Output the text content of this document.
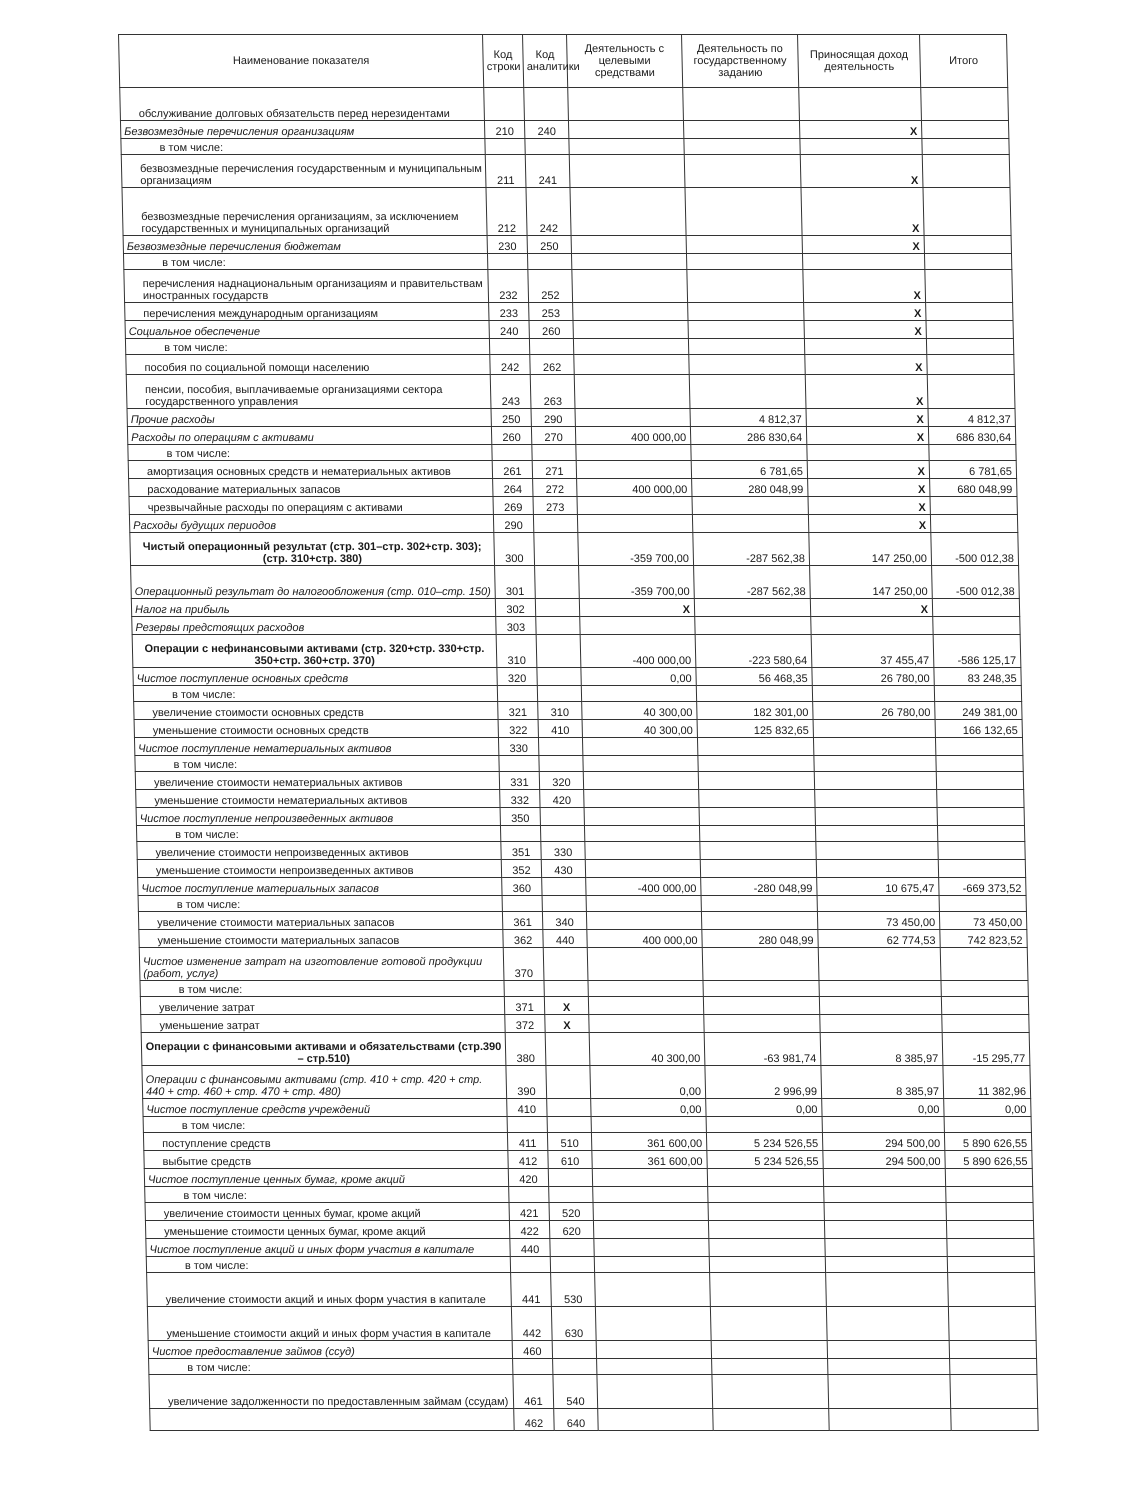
Наименование показателя	Код строки	Код аналитики	Деятельность с целевыми средствами	Деятельность по государственному заданию	Приносящая доход деятельность	Итого
обслуживание долговых обязательств перед нерезидентами						
Безвозмездные перечисления организациям	210	240			X	
в том числе:						
безвозмездные перечисления государственным и муниципальным организациям	211	241			X	
безвозмездные перечисления организациям, за исключением государственных и муниципальных организаций	212	242			X	
Безвозмездные перечисления бюджетам	230	250			X	
в том числе:						
перечисления наднациональным организациям и правительствам иностранных государств	232	252			X	
перечисления международным организациям	233	253			X	
Социальное обеспечение	240	260			X	
в том числе:						
пособия по социальной помощи населению	242	262			X	
пенсии, пособия, выплачиваемые организациями сектора государственного управления	243	263			X	
Прочие расходы	250	290		4 812,37	X	4 812,37
Расходы по операциям с активами	260	270	400 000,00	286 830,64	X	686 830,64
в том числе:						
амортизация основных средств и нематериальных активов	261	271		6 781,65	X	6 781,65
расходование материальных запасов	264	272	400 000,00	280 048,99	X	680 048,99
чрезвычайные расходы по операциям с активами	269	273			X	
Расходы будущих периодов	290				X	
Чистый операционный результат (стр. 301–стр. 302+стр. 303); (стр. 310+стр. 380)	300		-359 700,00	-287 562,38	147 250,00	-500 012,38
Операционный результат до налогообложения (стр. 010–стр. 150)	301		-359 700,00	-287 562,38	147 250,00	-500 012,38
Налог на прибыль	302		X		X	
Резервы предстоящих расходов	303					
Операции с нефинансовыми активами (стр. 320+стр. 330+стр. 350+стр. 360+стр. 370)	310		-400 000,00	-223 580,64	37 455,47	-586 125,17
Чистое поступление основных средств	320		0,00	56 468,35	26 780,00	83 248,35
в том числе:						
увеличение стоимости основных средств	321	310	40 300,00	182 301,00	26 780,00	249 381,00
уменьшение стоимости основных средств	322	410	40 300,00	125 832,65		166 132,65
Чистое поступление нематериальных активов	330					
в том числе:						
увеличение стоимости нематериальных активов	331	320				
уменьшение стоимости нематериальных активов	332	420				
Чистое поступление непроизведенных активов	350					
в том числе:						
увеличение стоимости непроизведенных активов	351	330				
уменьшение стоимости непроизведенных активов	352	430				
Чистое поступление материальных запасов	360		-400 000,00	-280 048,99	10 675,47	-669 373,52
в том числе:						
увеличение стоимости материальных запасов	361	340			73 450,00	73 450,00
уменьшение стоимости материальных запасов	362	440	400 000,00	280 048,99	62 774,53	742 823,52
Чистое изменение затрат на изготовление готовой продукции (работ, услуг)	370					
в том числе:						
увеличение затрат	371	X				
уменьшение затрат	372	X				
Операции с финансовыми активами и обязательствами (стр.390 – стр.510)	380		40 300,00	-63 981,74	8 385,97	-15 295,77
Операции с финансовыми активами (стр. 410 + стр. 420 + стр. 440 + стр. 460 + стр. 470 + стр. 480)	390		0,00	2 996,99	8 385,97	11 382,96
Чистое поступление средств учреждений	410		0,00	0,00	0,00	0,00
в том числе:						
поступление средств	411	510	361 600,00	5 234 526,55	294 500,00	5 890 626,55
выбытие средств	412	610	361 600,00	5 234 526,55	294 500,00	5 890 626,55
Чистое поступление ценных бумаг, кроме акций	420					
в том числе:						
увеличение стоимости ценных бумаг, кроме акций	421	520				
уменьшение стоимости ценных бумаг, кроме акций	422	620				
Чистое поступление акций и иных форм участия в капитале	440					
в том числе:						
увеличение стоимости акций и иных форм участия в капитале	441	530				
уменьшение стоимости акций и иных форм участия в капитале	442	630				
Чистое предоставление займов (ссуд)	460					
в том числе:						
увеличение задолженности по предоставленным займам (ссудам)	461	540				
	462	640				
